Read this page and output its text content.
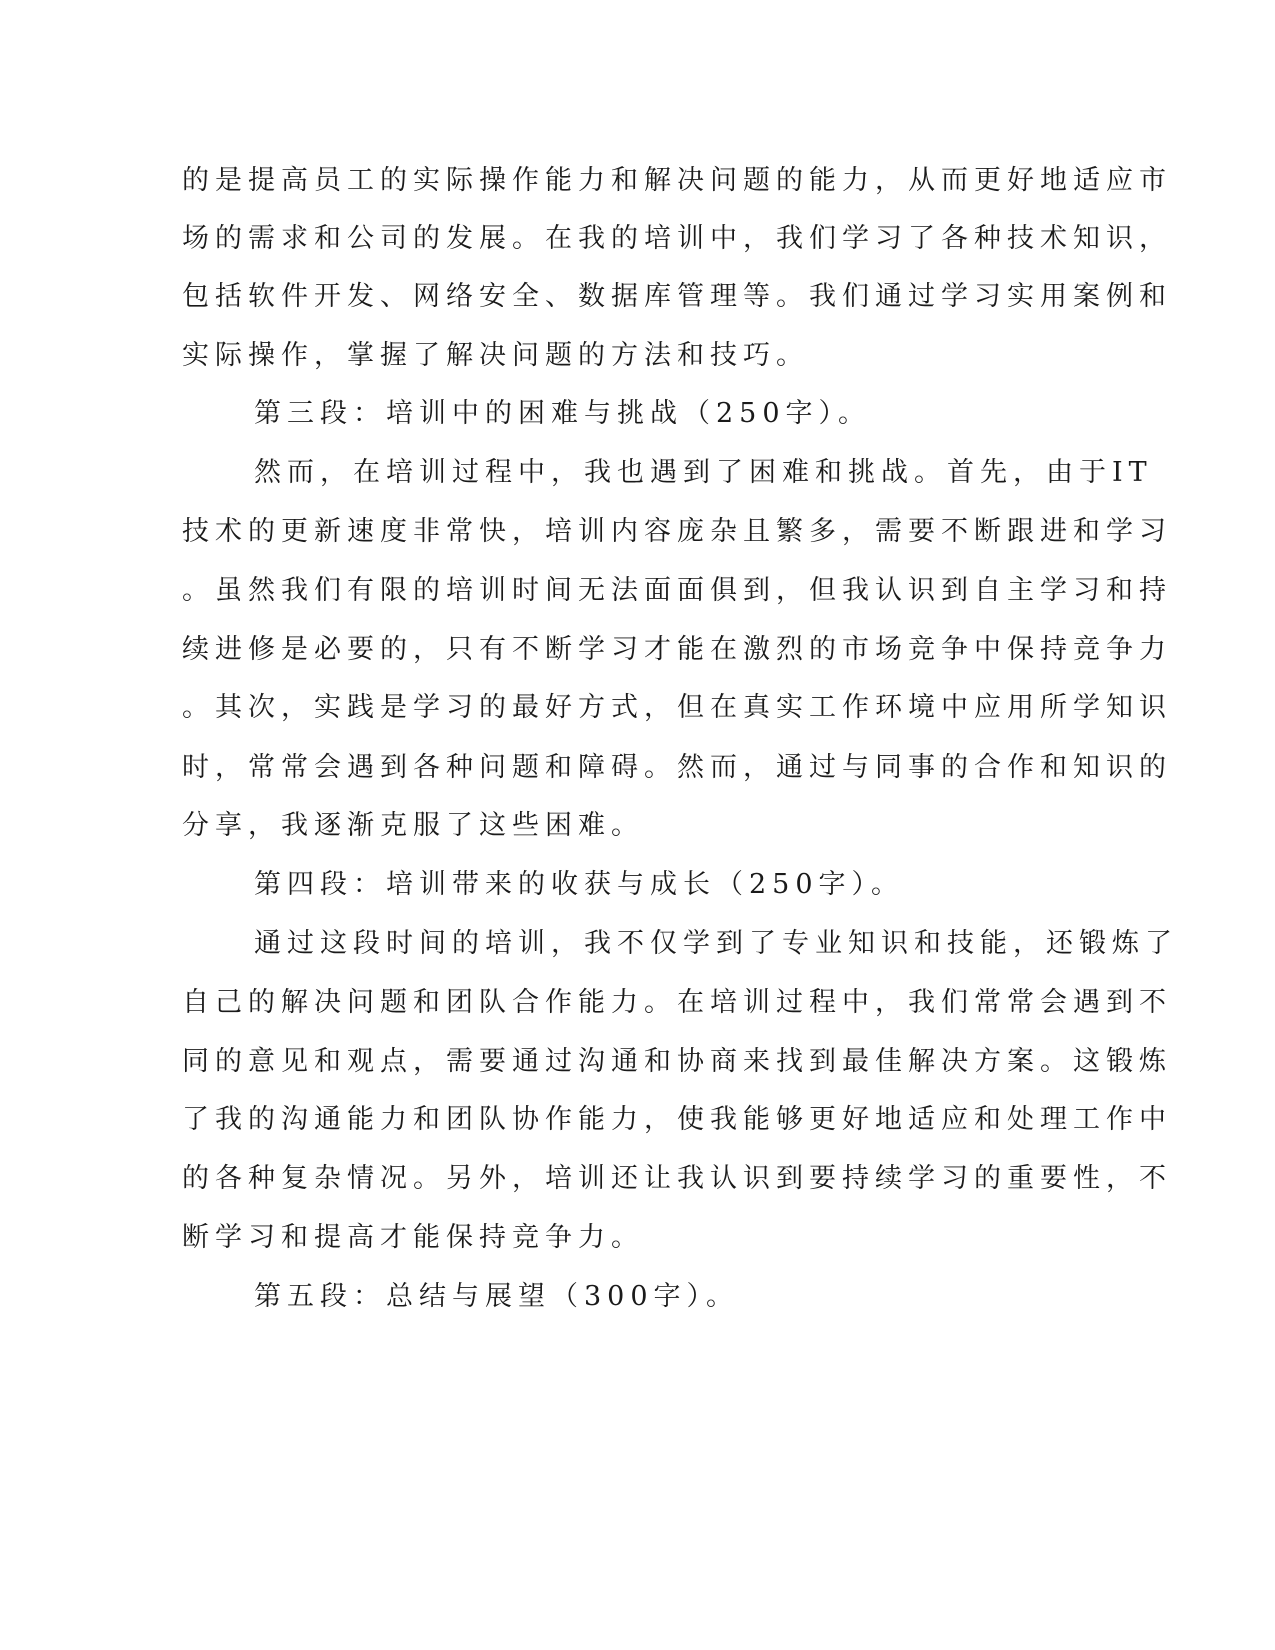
的是提高员工的实际操作能力和解决问题的能力，从而更好地适应市
场的需求和公司的发展。在我的培训中，我们学习了各种技术知识，
包括软件开发、网络安全、数据库管理等。我们通过学习实用案例和
实际操作，掌握了解决问题的方法和技巧。
第三段：培训中的困难与挑战（250字）。
然而，在培训过程中，我也遇到了困难和挑战。首先，由于IT
技术的更新速度非常快，培训内容庞杂且繁多，需要不断跟进和学习
。虽然我们有限的培训时间无法面面俱到，但我认识到自主学习和持
续进修是必要的，只有不断学习才能在激烈的市场竞争中保持竞争力
。其次，实践是学习的最好方式，但在真实工作环境中应用所学知识
时，常常会遇到各种问题和障碍。然而，通过与同事的合作和知识的
分享，我逐渐克服了这些困难。
第四段：培训带来的收获与成长（250字）。
通过这段时间的培训，我不仅学到了专业知识和技能，还锻炼了
自己的解决问题和团队合作能力。在培训过程中，我们常常会遇到不
同的意见和观点，需要通过沟通和协商来找到最佳解决方案。这锻炼
了我的沟通能力和团队协作能力，使我能够更好地适应和处理工作中
的各种复杂情况。另外，培训还让我认识到要持续学习的重要性，不
断学习和提高才能保持竞争力。
第五段：总结与展望（300字）。
